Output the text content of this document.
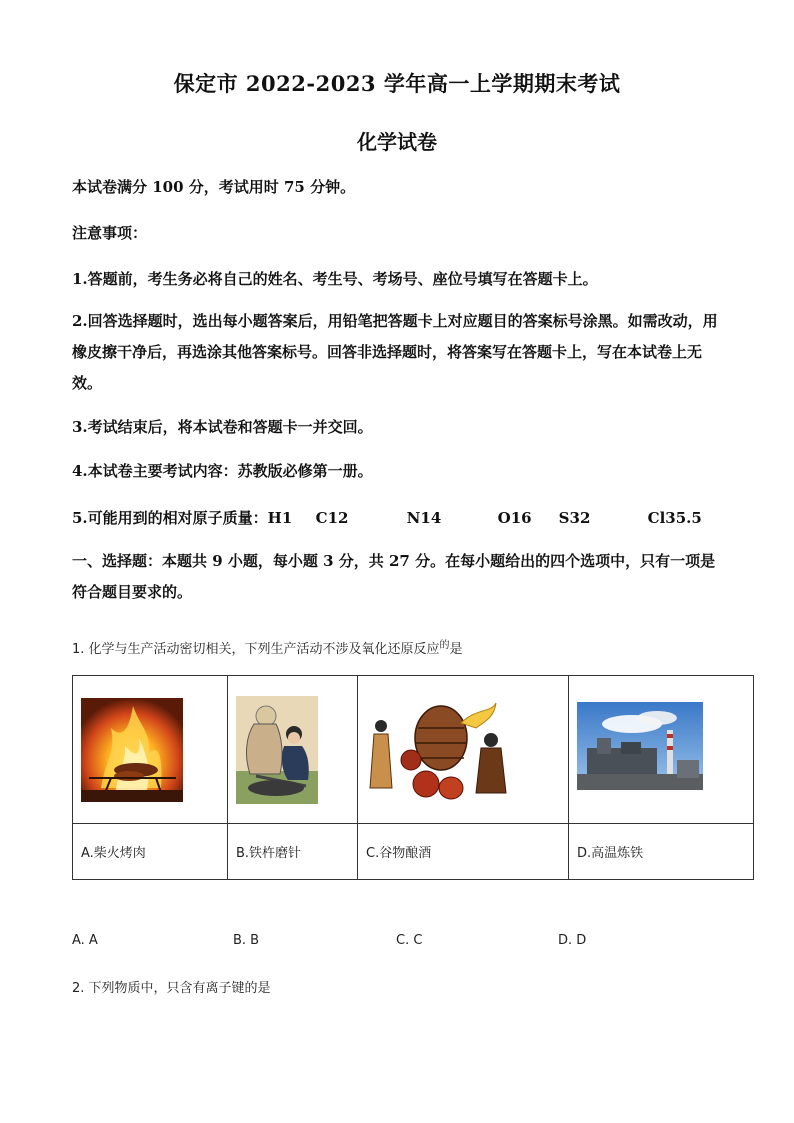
保定市 2022-2023 学年高一上学期期末考试
化学试卷
本试卷满分 100 分，考试用时 75 分钟。
注意事项：
1.答题前，考生务必将自己的姓名、考生号、考场号、座位号填写在答题卡上。
2.回答选择题时，选出每小题答案后，用铅笔把答题卡上对应题目的答案标号涂黑。如需改动，用橡皮擦干净后，再选涂其他答案标号。回答非选择题时，将答案写在答题卡上，写在本试卷上无效。
3.考试结束后，将本试卷和答题卡一并交回。
4.本试卷主要考试内容：苏教版必修第一册。
5.可能用到的相对原子质量：H1 C12	N14	O16 S32	Cl35.5
一、选择题：本题共 9 小题，每小题 3 分，共 27 分。在每小题给出的四个选项中，只有一项是符合题目要求的。
1. 化学与生产活动密切相关，下列生产活动不涉及氧化还原反应$^的$是

A.柴火烤肉	B.铁杵磨针	C.谷物酿酒	D.高温炼铁
A. A	B. B	C. C	D. D
2. 下列物质中，只含有离子键的是
